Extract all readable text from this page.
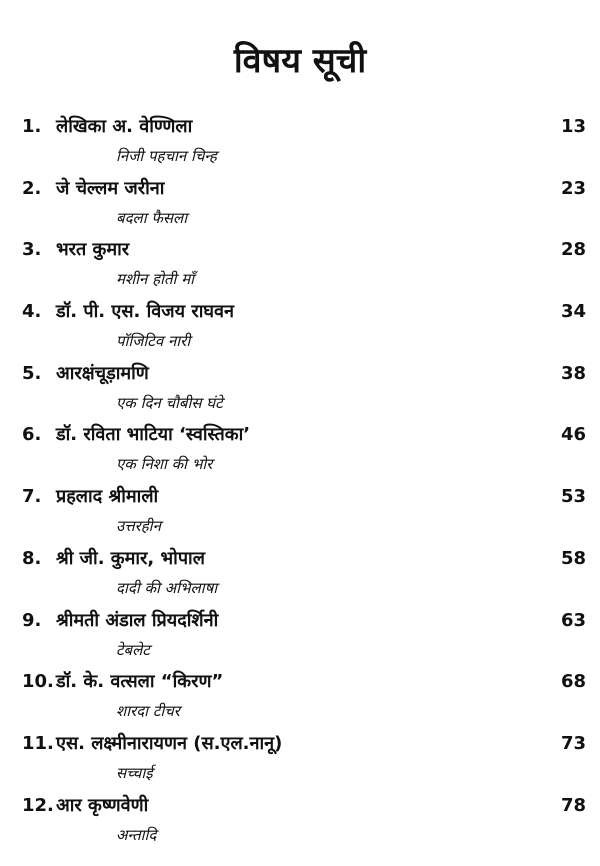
विषय सूची
1. लेखिका अ. वेण्णिला	13
निजी पहचान चिन्ह
2. जे चेल्लम जरीना	23
बदला फैसला
3. भरत कुमार	28
मशीन होती माँ
4. डॉ. पी. एस. विजय राघवन	34
पॉजिटिव नारी
5. आरक्षंचूड़ामणि	38
एक दिन चौबीस घंटे
6. डॉ. रविता भाटिया ‘स्वस्तिका’	46
एक निशा की भोर
7. प्रहलाद श्रीमाली	53
उत्तरहीन
8. श्री जी. कुमार, भोपाल	58
दादी की अभिलाषा
9. श्रीमती अंडाल प्रियदर्शिनी	63
टेबलेट
10. डॉ. के. वत्सला “किरण”	68
शारदा टीचर
11. एस. लक्ष्मीनारायणन (स.एल.नानू)	73
सच्चाई
12. आर कृष्णवेणी	78
अन्तादि
